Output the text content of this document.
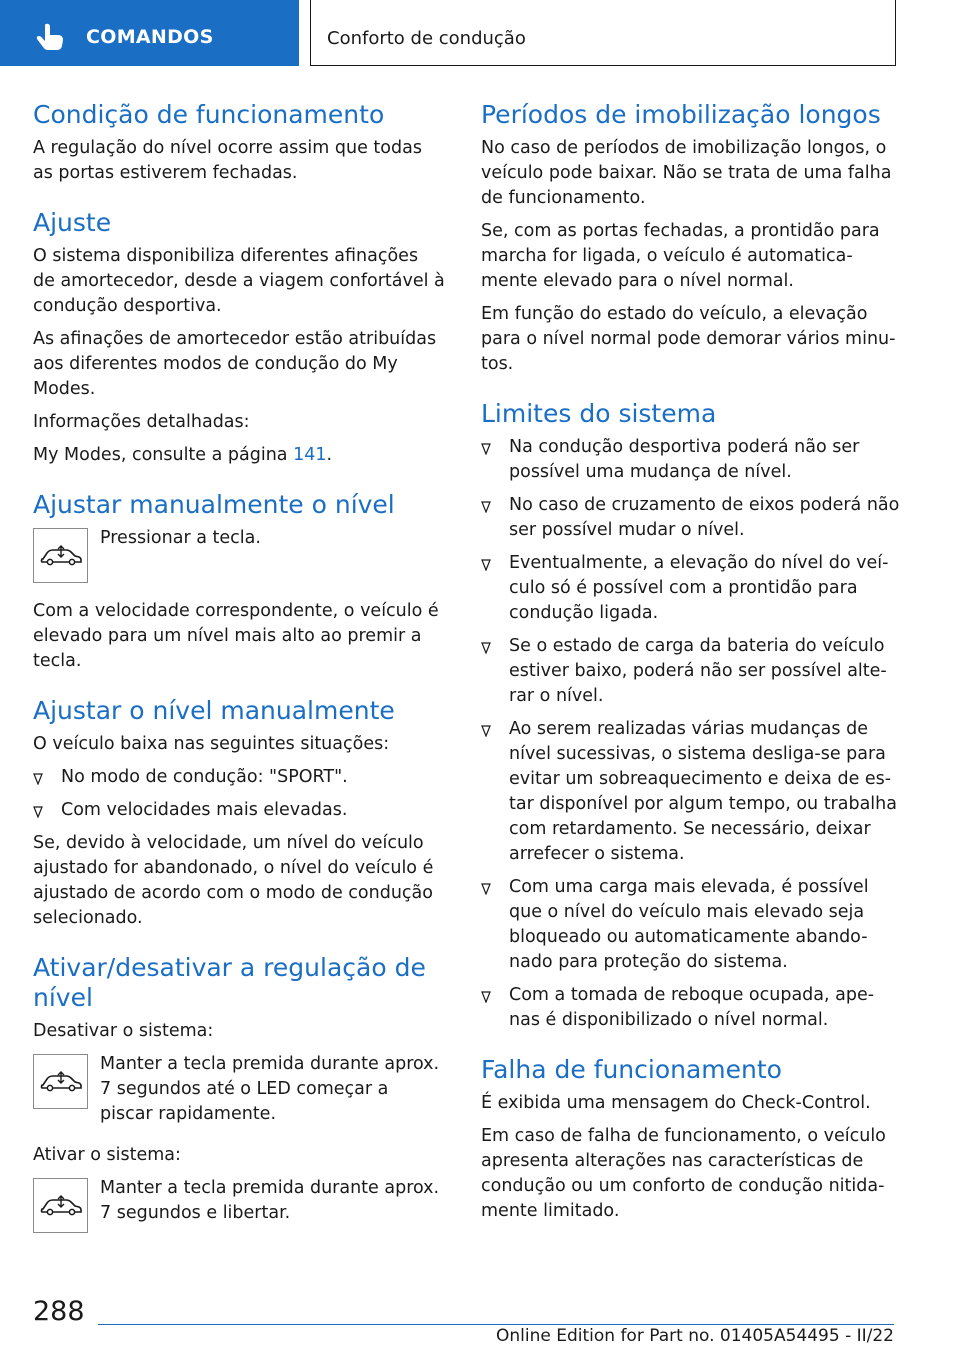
COMANDOS	Conforto de condução
Condição de funcionamento

A regulação do nível ocorre assim que todas as portas estiverem fechadas.

Ajuste

O sistema disponibiliza diferentes afinações de amortecedor, desde a viagem confortável à condução desportiva.

As afinações de amortecedor estão atribuídas aos diferentes modos de condução do My Modes.

Informações detalhadas:

My Modes, consulte a página 141.

Ajustar manualmente o nível
Pressionar a tecla.

Com a velocidade correspondente, o veículo é elevado para um nível mais alto ao premir a tecla.

Ajustar o nível manualmente

O veículo baixa nas seguintes situações:

No modo de condução: "SPORT".
Com velocidades mais elevadas.

Se, devido à velocidade, um nível do veículo ajustado for abandonado, o nível do veículo é ajustado de acordo com o modo de condução selecionado.

Ativar/desativar a regulação de nível

Desativar o sistema:

Manter a tecla premida durante aprox. 7 segundos até o LED começar a piscar rapidamente.

Ativar o sistema:

Manter a tecla premida durante aprox. 7 segundos e libertar.
Períodos de imobilização longos

No caso de períodos de imobilização longos, o veículo pode baixar. Não se trata de uma falha de funcionamento.

Se, com as portas fechadas, a prontidão para marcha for ligada, o veículo é automatica-mente elevado para o nível normal.

Em função do estado do veículo, a elevação para o nível normal pode demorar vários minu-tos.

Limites do sistema
Na condução desportiva poderá não ser possível uma mudança de nível.
No caso de cruzamento de eixos poderá não ser possível mudar o nível.
Eventualmente, a elevação do nível do veí-culo só é possível com a prontidão para condução ligada.
Se o estado de carga da bateria do veículo estiver baixo, poderá não ser possível alte-rar o nível.
Ao serem realizadas várias mudanças de nível sucessivas, o sistema desliga-se para evitar um sobreaquecimento e deixa de es-tar disponível por algum tempo, ou trabalha com retardamento. Se necessário, deixar arrefecer o sistema.
Com uma carga mais elevada, é possível que o nível do veículo mais elevado seja bloqueado ou automaticamente abando-nado para proteção do sistema.
Com a tomada de reboque ocupada, ape-nas é disponibilizado o nível normal.
Falha de funcionamento

É exibida uma mensagem do Check-Control.

Em caso de falha de funcionamento, o veículo apresenta alterações nas características de condução ou um conforto de condução nitida-mente limitado.

288
Online Edition for Part no. 01405A54495 - II/22
